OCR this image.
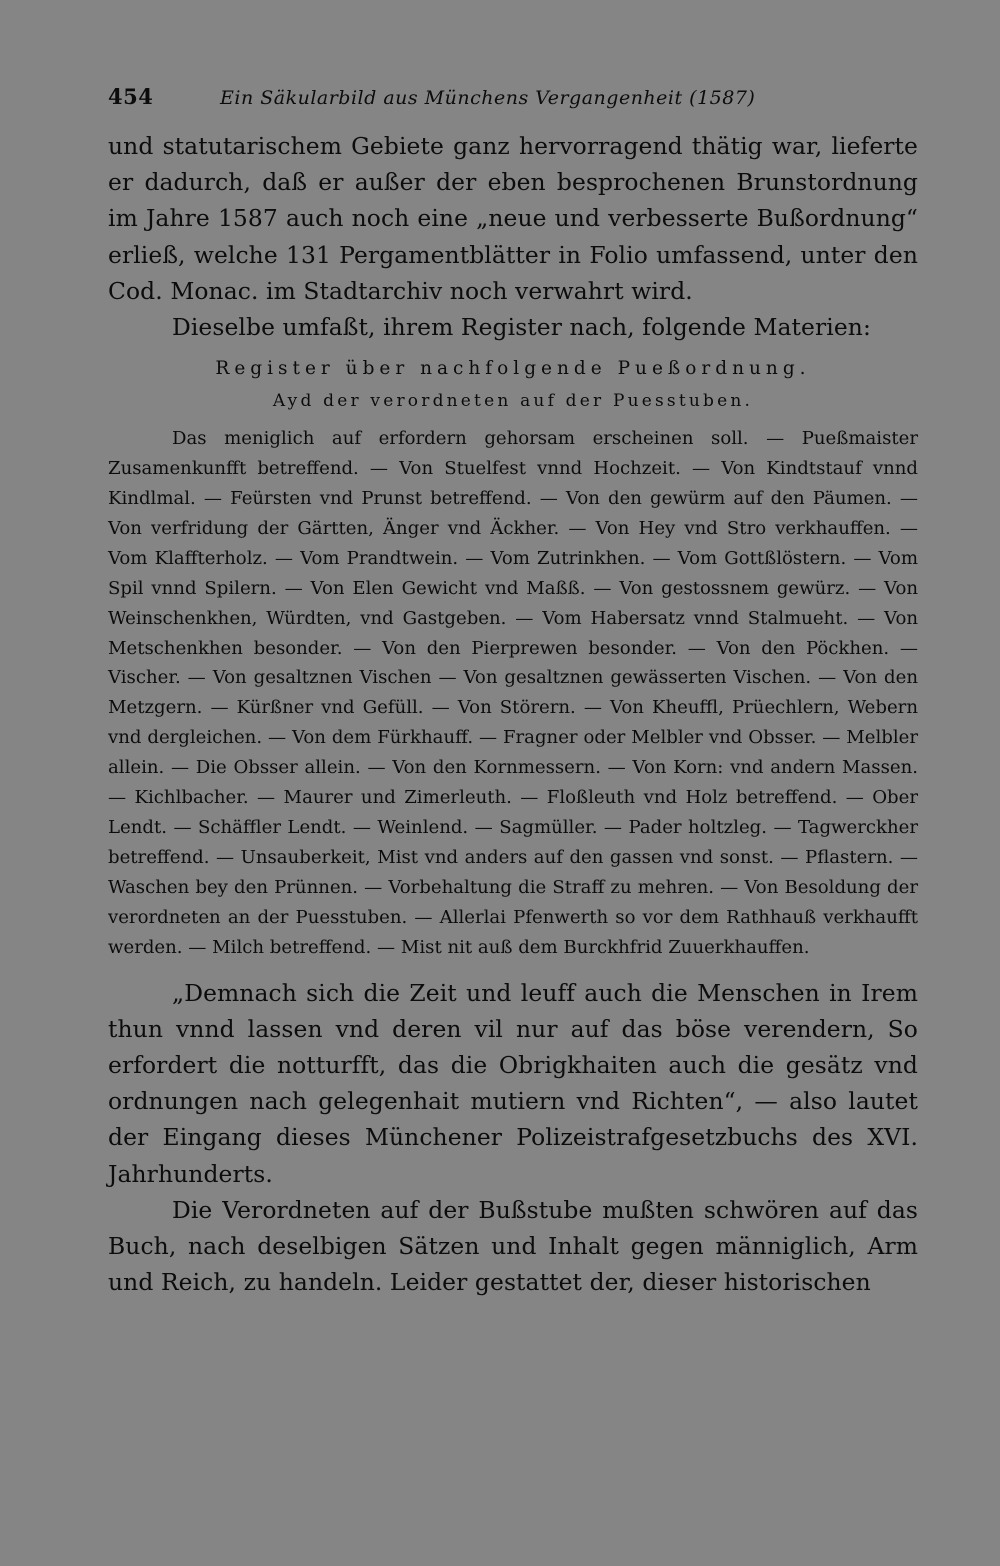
454	Ein Säkularbild aus Münchens Vergangenheit (1587)

und statutarischem Gebiete ganz hervorragend thätig war, lieferte er dadurch, daß er außer der eben besprochenen Brunstordnung im Jahre 1587 auch noch eine „neue und verbesserte Bußordnung“ erließ, welche 131 Pergamentblätter in Folio umfassend, unter den Cod. Monac. im Stadtarchiv noch verwahrt wird.

Dieselbe umfaßt, ihrem Register nach, folgende Materien:

Register über nachfolgende Pueßordnung.
Ayd der verordneten auf der Puesstuben.

Das meniglich auf erfordern gehorsam erscheinen soll. — Pueßmaister Zusamenkunfft betreffend. — Von Stuelfest vnnd Hochzeit. — Von Kindtstauf vnnd Kindlmal. — Feürsten vnd Prunst betreffend. — Von den gewürm auf den Päumen. — Von verfridung der Gärtten, Änger vnd Äckher. — Von Hey vnd Stro verkhauffen. — Vom Klaffterholz. — Vom Prandtwein. — Vom Zutrinkhen. — Vom Gottßlöstern. — Vom Spil vnnd Spilern. — Von Elen Gewicht vnd Maßß. — Von gestossnem gewürz. — Von Weinschenkhen, Würdten, vnd Gastgeben. — Vom Habersatz vnnd Stalmueht. — Von Metschenkhen besonder. — Von den Pierprewen besonder. — Von den Pöckhen. — Vischer. — Von gesaltznen Vischen — Von gesaltznen gewässerten Vischen. — Von den Metzgern. — Kürßner vnd Gefüll. — Von Störern. — Von Kheuffl, Prüechlern, Webern vnd dergleichen. — Von dem Fürkhauff. — Fragner oder Melbler vnd Obsser. — Melbler allein. — Die Obsser allein. — Von den Kornmessern. — Von Korn: vnd andern Massen. — Kichlbacher. — Maurer und Zimerleuth. — Floßleuth vnd Holz betreffend. — Ober Lendt. — Schäffler Lendt. — Weinlend. — Sagmüller. — Pader holtzleg. — Tagwerckher betreffend. — Unsauberkeit, Mist vnd anders auf den gassen vnd sonst. — Pflastern. — Waschen bey den Prünnen. — Vorbehaltung die Straff zu mehren. — Von Besoldung der verordneten an der Puesstuben. — Allerlai Pfenwerth so vor dem Rathhauß verkhaufft werden. — Milch betreffend. — Mist nit auß dem Burckhfrid Zuuerkhauffen.

„Demnach sich die Zeit und leuff auch die Menschen in Irem thun vnnd lassen vnd deren vil nur auf das böse verendern, So erfordert die notturfft, das die Obrigkhaiten auch die gesätz vnd ordnungen nach gelegenhait mutiern vnd Richten“, — also lautet der Eingang dieses Münchener Polizeistrafgesetzbuchs des XVI. Jahrhunderts.

Die Verordneten auf der Bußstube mußten schwören auf das Buch, nach deselbigen Sätzen und Inhalt gegen männiglich, Arm und Reich, zu handeln. Leider gestattet der, dieser historischen
